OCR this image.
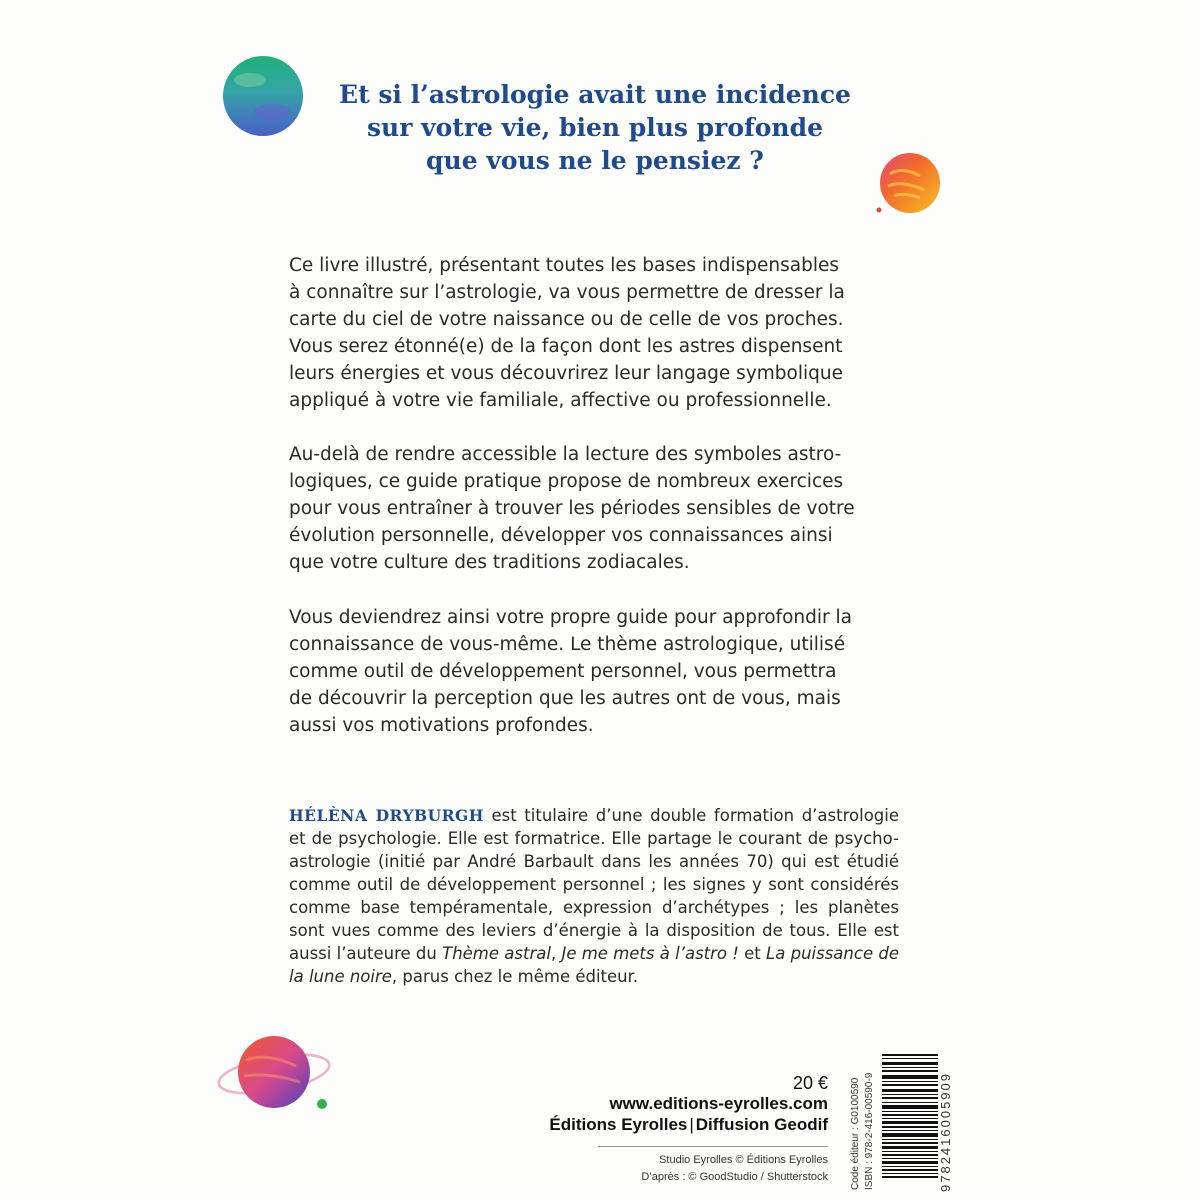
Et si l’astrologie avait une incidence
sur votre vie, bien plus profonde
que vous ne le pensiez ?
Ce livre illustré, présentant toutes les bases indispensables
à connaître sur l’astrologie, va vous permettre de dresser la
carte du ciel de votre naissance ou de celle de vos proches.
Vous serez étonné(e) de la façon dont les astres dispensent
leurs énergies et vous découvrirez leur langage symbolique
appliqué à votre vie familiale, affective ou professionnelle.
Au-delà de rendre accessible la lecture des symboles astro-
logiques, ce guide pratique propose de nombreux exercices
pour vous entraîner à trouver les périodes sensibles de votre
évolution personnelle, développer vos connaissances ainsi
que votre culture des traditions zodiacales.
Vous deviendrez ainsi votre propre guide pour approfondir la
connaissance de vous-même. Le thème astrologique, utilisé
comme outil de développement personnel, vous permettra
de découvrir la perception que les autres ont de vous, mais
aussi vos motivations profondes.
HÉLÈNA DRYBURGH est titulaire d’une double formation d’astrologie et de psychologie. Elle est formatrice. Elle partage le courant de psycho-astrologie (initié par André Barbault dans les années 70) qui est étudié comme outil de développement personnel ; les signes y sont considérés comme base tempéramentale, expression d’archétypes ; les planètes sont vues comme des leviers d’énergie à la disposition de tous. Elle est aussi l’auteure du Thème astral, Je me mets à l’astro ! et La puissance de la lune noire, parus chez le même éditeur.
20 €
www.editions-eyrolles.com
Éditions Eyrolles | Diffusion Geodif
Studio Eyrolles © Éditions Eyrolles
D’après : © GoodStudio / Shutterstock Code éditeur : G0100590 ISBN : 978-2-416-00590-9	9782416005909
